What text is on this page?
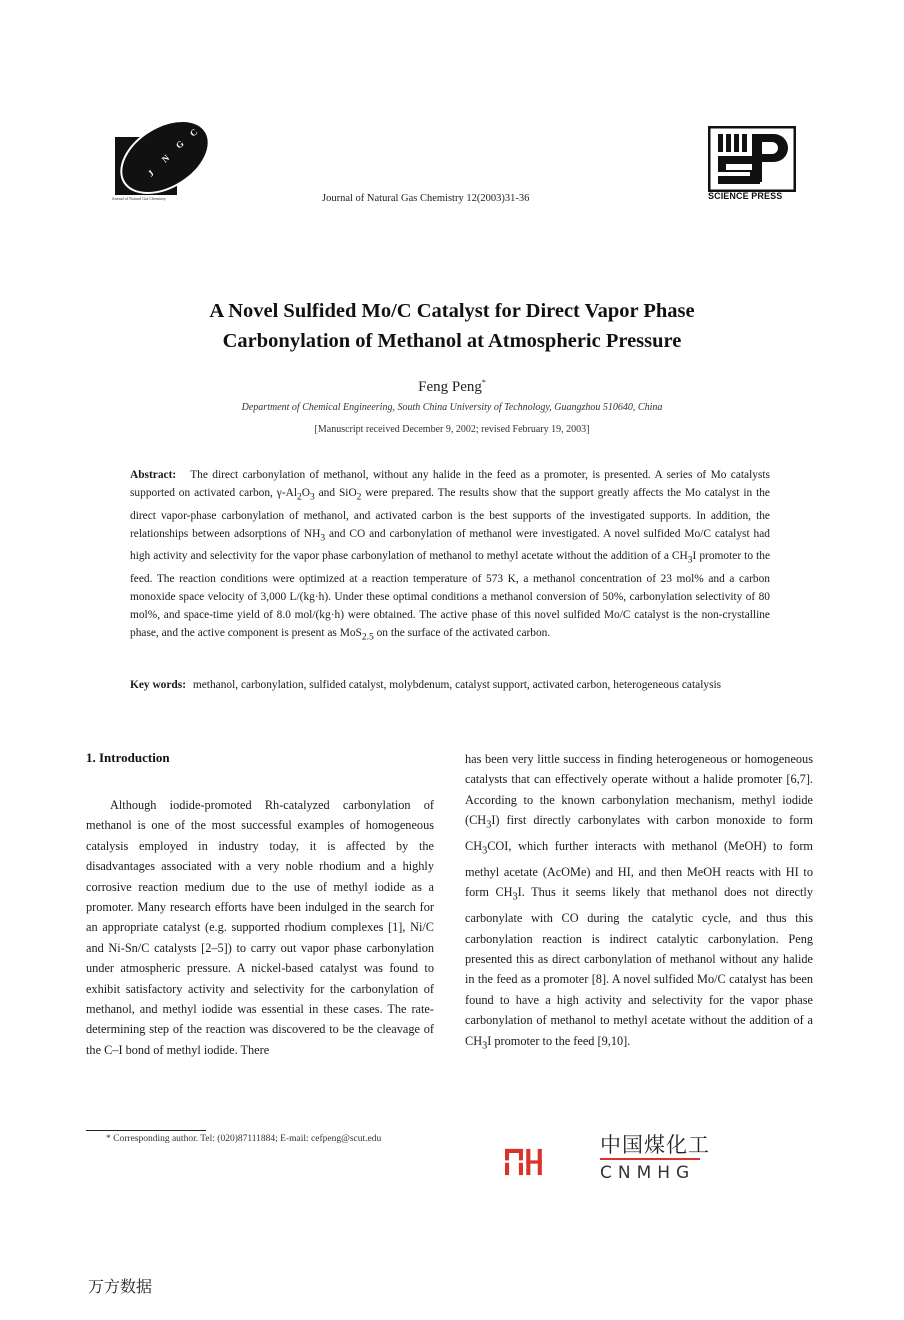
J
N
G
C
Journal of Natural Gas Chemistry	Journal of Natural Gas Chemistry 12(2003)31-36	SCIENCE PRESS
A Novel Sulfided Mo/C Catalyst for Direct Vapor Phase
Carbonylation of Methanol at Atmospheric Pressure
Feng Peng*
Department of Chemical Engineering, South China University of Technology, Guangzhou 510640, China
[Manuscript received December 9, 2002; revised February 19, 2003]
Abstract: The direct carbonylation of methanol, without any halide in the feed as a promoter, is presented. A series of Mo catalysts supported on activated carbon, $\gamma-Al_2O_3$ and SiO$_2$ were prepared. The results show that the support greatly affects the Mo catalyst in the direct vapor-phase carbonylation of methanol, and activated carbon is the best supports of the investigated supports. In addition, the relationships between adsorptions of $NH_3$ and CO and carbonylation of methanol were investigated. A novel sulfided Mo/C catalyst had high activity and selectivity for the vapor phase carbonylation of methanol to methyl acetate without the addition of a $CH_3I$ promoter to the feed. The reaction conditions were optimized at a reaction temperature of 573 K, a methanol concentration of 23 mol% and a carbon monoxide space velocity of 3,000 L/(kg·h). Under these optimal conditions a methanol conversion of 50%, carbonylation selectivity of 80 mol%, and space-time yield of 8.0 mol/(kg·h) were obtained. The active phase of this novel sulfided Mo/C catalyst is the non-crystalline phase, and the active component is present as MoS$_{2.5}$ on the surface of the activated carbon.
Key words: methanol, carbonylation, sulfided catalyst, molybdenum, catalyst support, activated carbon, heterogeneous catalysis
1. Introduction
Although iodide-promoted Rh-catalyzed carbonylation of methanol is one of the most successful examples of homogeneous catalysis employed in industry today, it is affected by the disadvantages associated with a very noble rhodium and a highly corrosive reaction medium due to the use of methyl iodide as a promoter. Many research efforts have been indulged in the search for an appropriate catalyst (e.g. supported rhodium complexes [1], Ni/C and Ni-Sn/C catalysts [2–5]) to carry out vapor phase carbonylation under atmospheric pressure. A nickel-based catalyst was found to exhibit satisfactory activity and selectivity for the carbonylation of methanol, and methyl iodide was essential in these cases. The rate-determining step of the reaction was discovered to be the cleavage of the C–I bond of methyl iodide. There
has been very little success in finding heterogeneous or homogeneous catalysts that can effectively operate without a halide promoter [6,7]. According to the known carbonylation mechanism, methyl iodide $(CH_3I)$ first directly carbonylates with carbon monoxide to form $CH_3COI$, which further interacts with methanol (MeOH) to form methyl acetate (AcOMe) and HI, and then MeOH reacts with HI to form $CH_3I$. Thus it seems likely that methanol does not directly carbonylate with CO during the catalytic cycle, and thus this carbonylation reaction is indirect catalytic carbonylation. Peng presented this as direct carbonylation of methanol without any halide in the feed as a promoter [8]. A novel sulfided Mo/C catalyst has been found to have a high activity and selectivity for the vapor phase carbonylation of methanol to methyl acetate without the addition of a $CH_3I$ promoter to the feed [9,10].
* Corresponding author. Tel: (020)87111884; E-mail: cefpeng@scut.edu	中国煤化工
CNMHG
万方数据
